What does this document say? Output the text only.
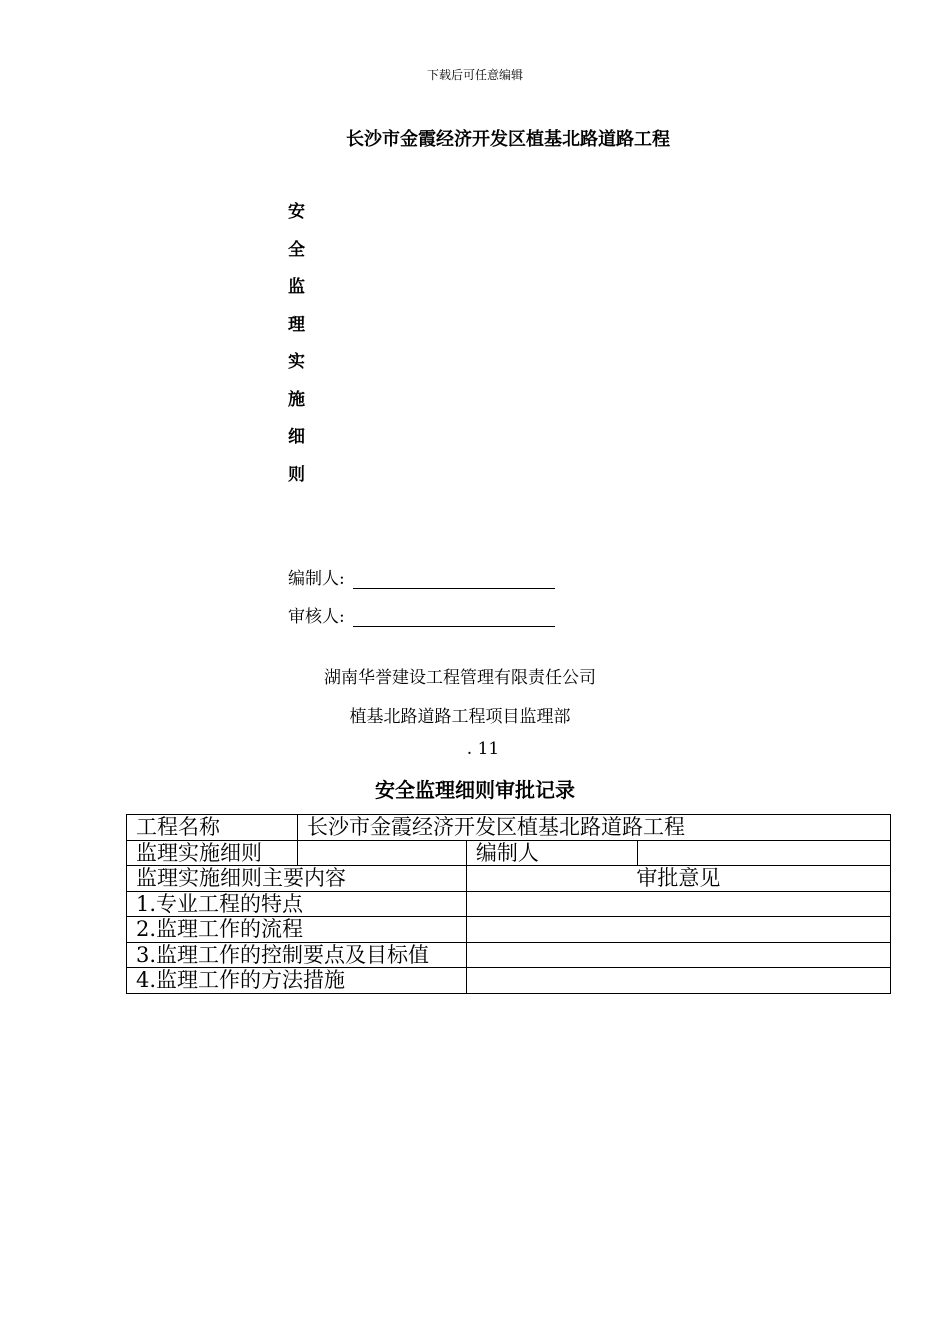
下载后可任意编辑
长沙市金霞经济开发区植基北路道路工程
安
全
监
理
实
施
细
则
编制人:
审核人:
湖南华誉建设工程管理有限责任公司
植基北路道路工程项目监理部
. 11
安全监理细则审批记录
工程名称	长沙市金霞经济开发区植基北路道路工程		
监理实施细则		编制人	
监理实施细则主要内容		审批意见	
1.专业工程的特点			
2.监理工作的流程			
3.监理工作的控制要点及目标值			
4.监理工作的方法措施			
